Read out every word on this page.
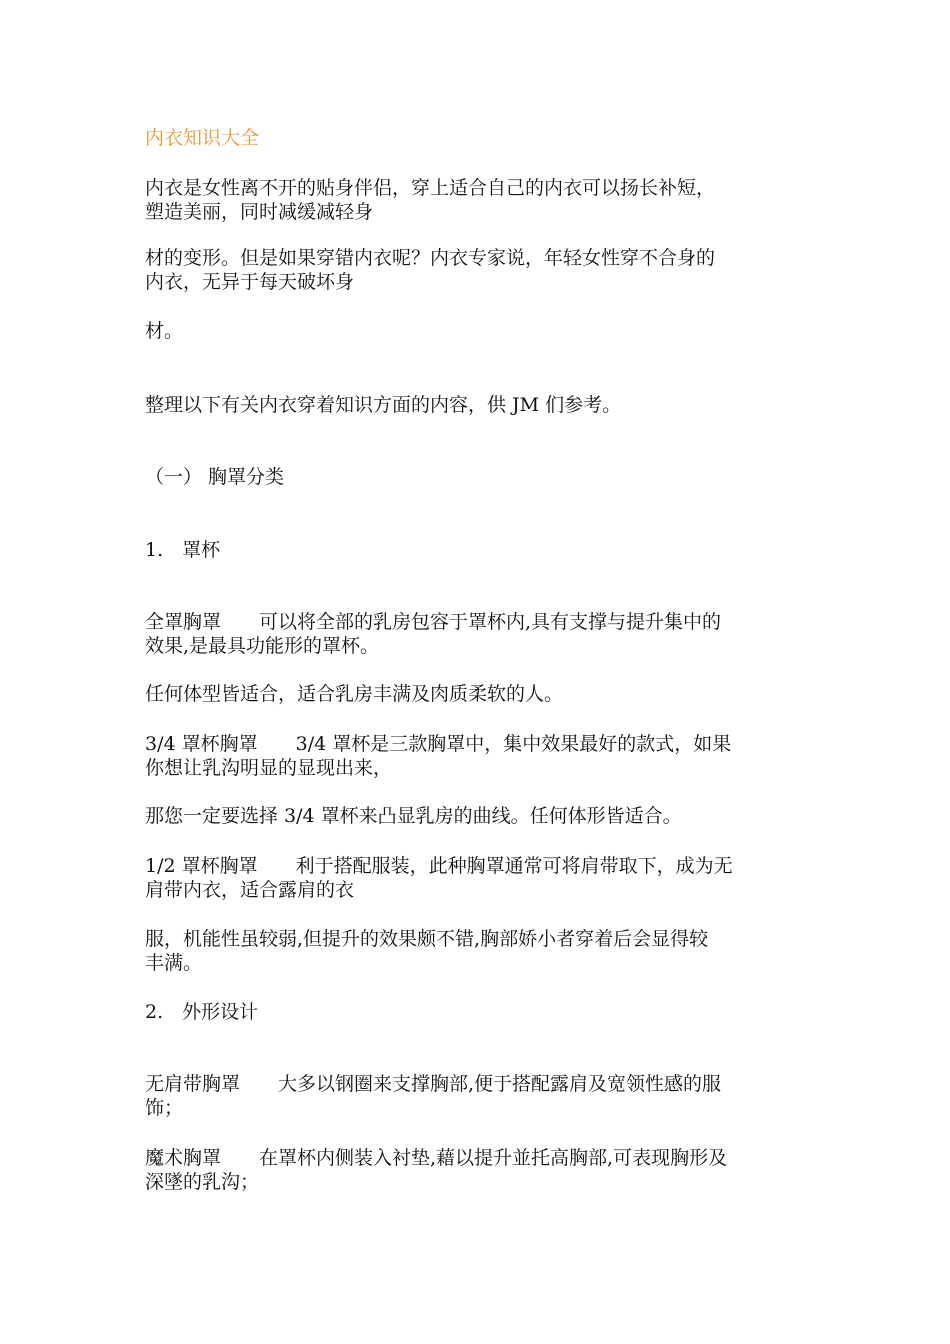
内衣知识大全
内衣是女性离不开的贴身伴侣，穿上适合自己的内衣可以扬长补短，
塑造美丽，同时减缓减轻身
材的变形。但是如果穿错内衣呢？内衣专家说，年轻女性穿不合身的
内衣，无异于每天破坏身
材。
整理以下有关内衣穿着知识方面的内容，供 JM 们参考。
（一） 胸罩分类
1.　罩杯
全罩胸罩　　可以将全部的乳房包容于罩杯内,具有支撑与提升集中的
效果,是最具功能形的罩杯。
任何体型皆适合，适合乳房丰满及肉质柔软的人。
3/4 罩杯胸罩　　3/4 罩杯是三款胸罩中，集中效果最好的款式，如果
你想让乳沟明显的显现出来，
那您一定要选择 3/4 罩杯来凸显乳房的曲线。任何体形皆适合。
1/2 罩杯胸罩　　利于搭配服装，此种胸罩通常可将肩带取下，成为无
肩带内衣，适合露肩的衣
服，机能性虽较弱,但提升的效果颇不错,胸部娇小者穿着后会显得较
丰满。
2.　外形设计
无肩带胸罩　　大多以钢圈来支撑胸部,便于搭配露肩及宽领性感的服
饰；
魔术胸罩　　在罩杯内侧装入衬垫,藉以提升並托高胸部,可表现胸形及
深墜的乳沟；
